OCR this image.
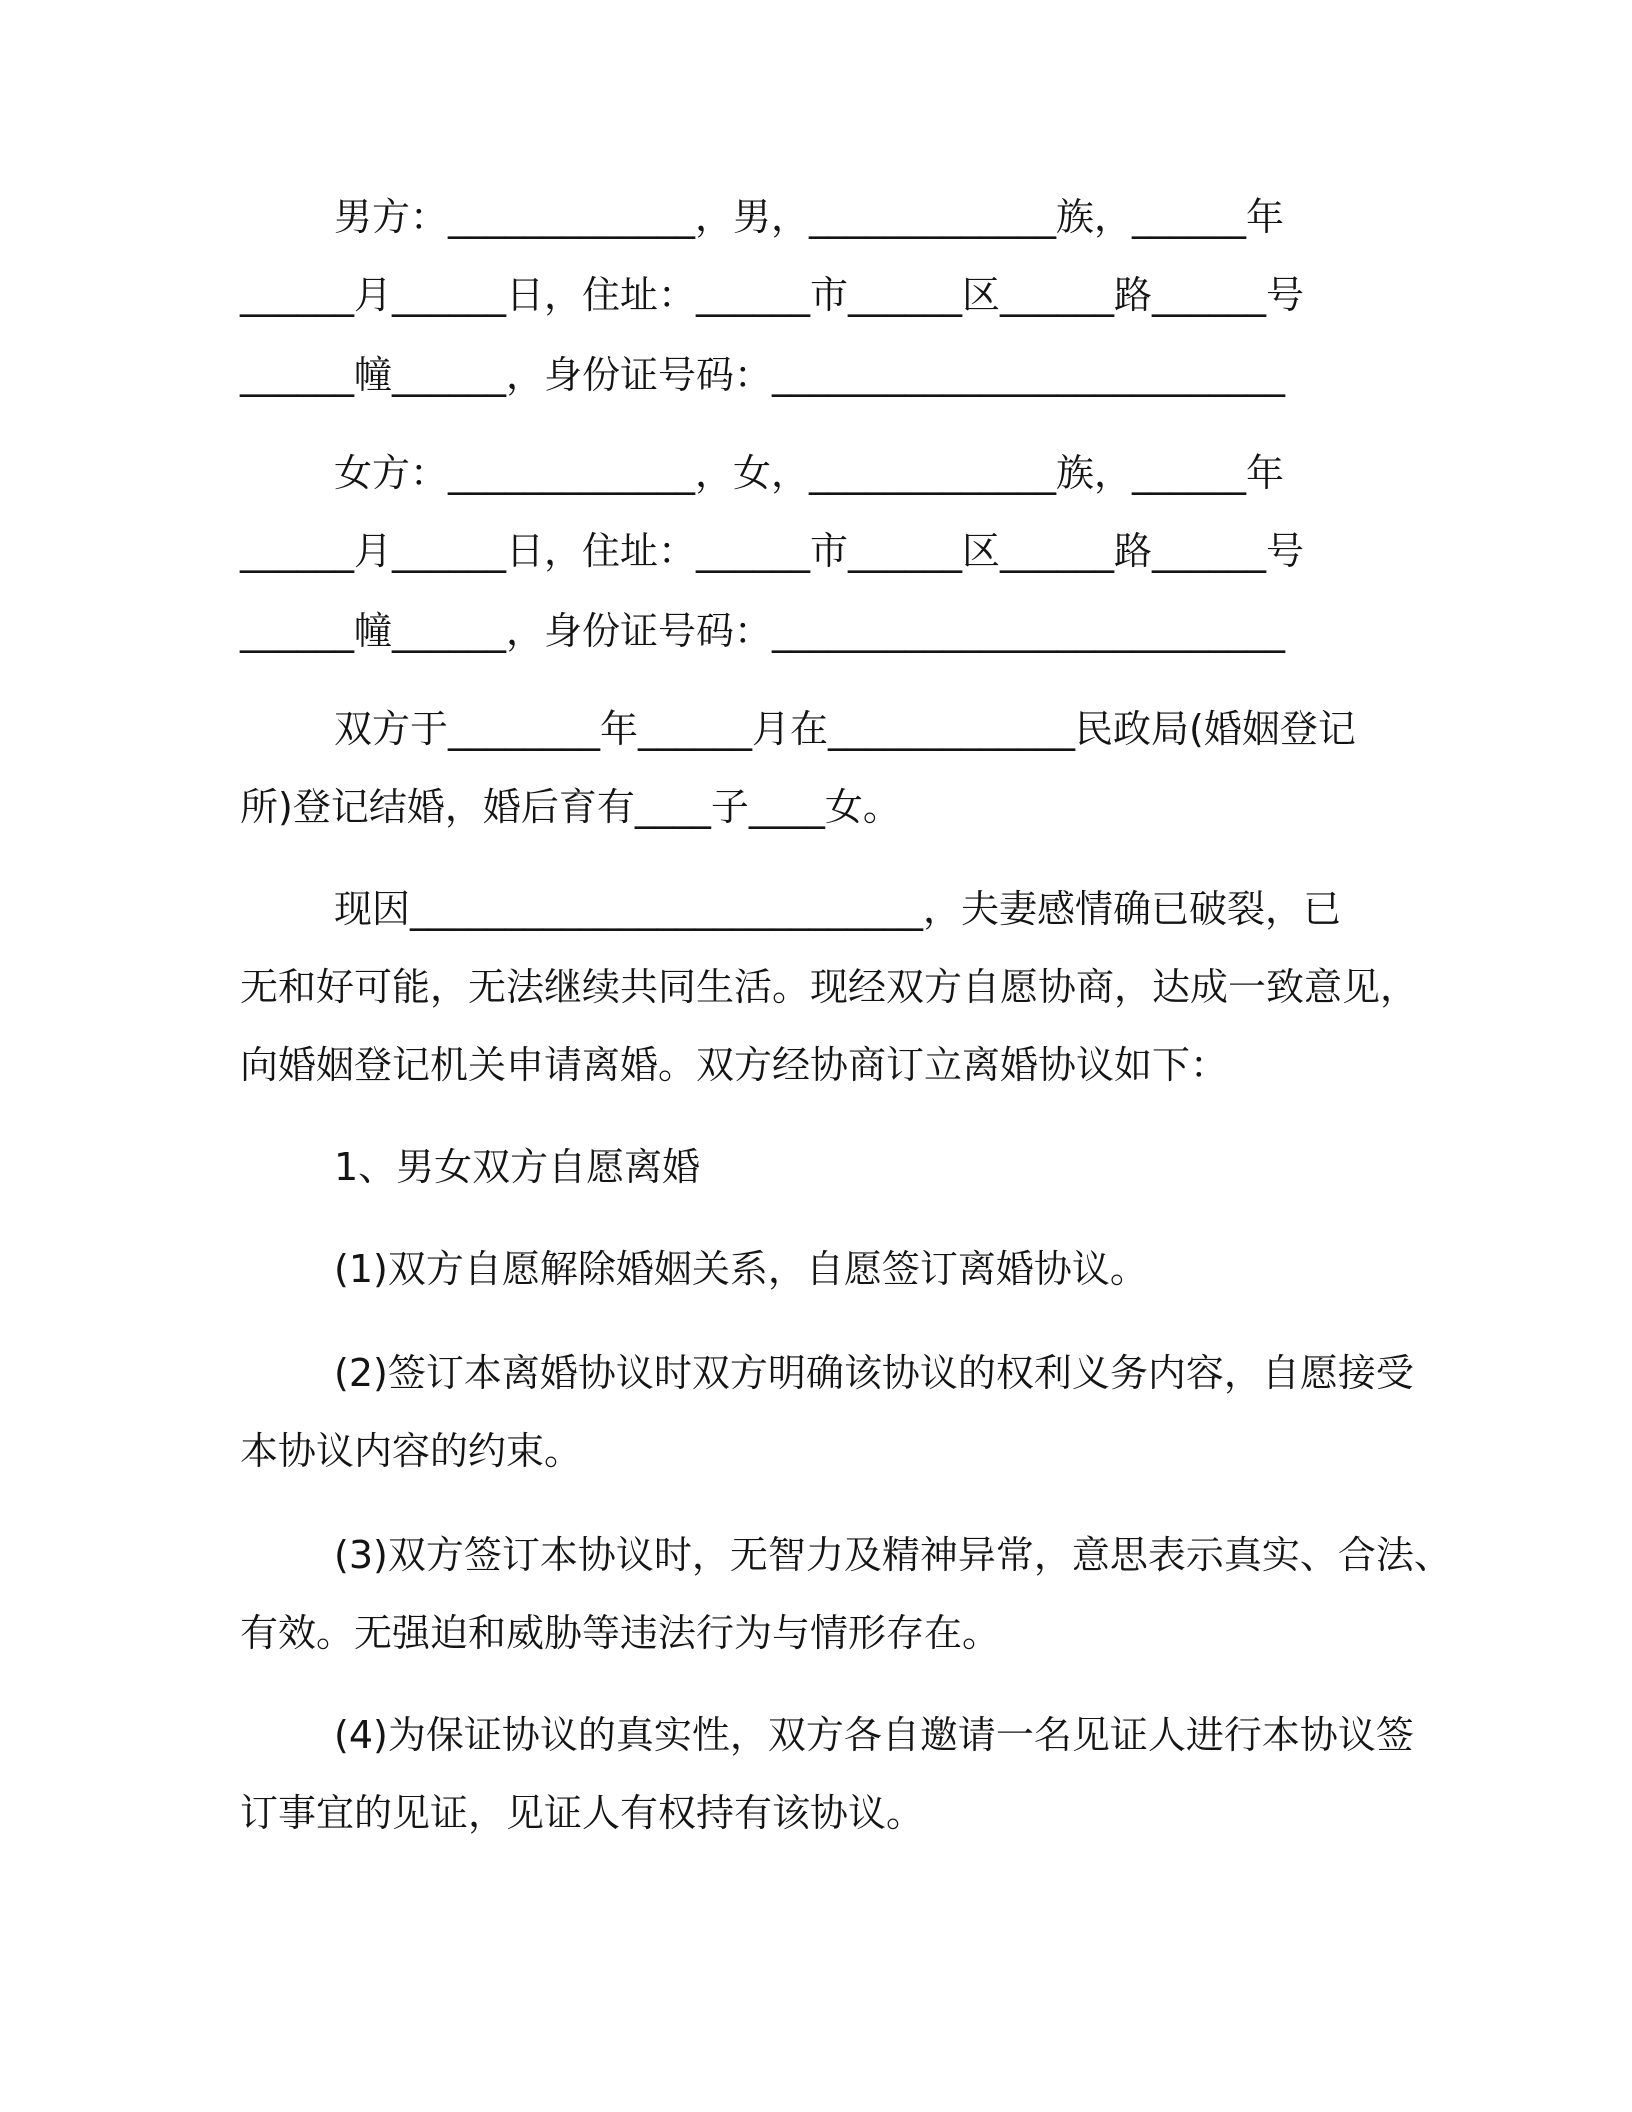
男方：_____________，男，_____________族，______年
______月______日，住址：______市______区______路______号
______幢______，身份证号码：___________________________
女方：_____________，女，_____________族，______年
______月______日，住址：______市______区______路______号
______幢______，身份证号码：___________________________
双方于________年______月在_____________民政局(婚姻登记
所)登记结婚，婚后育有____子____女。
现因___________________________，夫妻感情确已破裂，已
无和好可能，无法继续共同生活。现经双方自愿协商，达成一致意见，
向婚姻登记机关申请离婚。双方经协商订立离婚协议如下：
1、男女双方自愿离婚
(1)双方自愿解除婚姻关系，自愿签订离婚协议。
(2)签订本离婚协议时双方明确该协议的权利义务内容，自愿接受
本协议内容的约束。
(3)双方签订本协议时，无智力及精神异常，意思表示真实、合法、
有效。无强迫和威胁等违法行为与情形存在。
(4)为保证协议的真实性，双方各自邀请一名见证人进行本协议签
订事宜的见证，见证人有权持有该协议。
